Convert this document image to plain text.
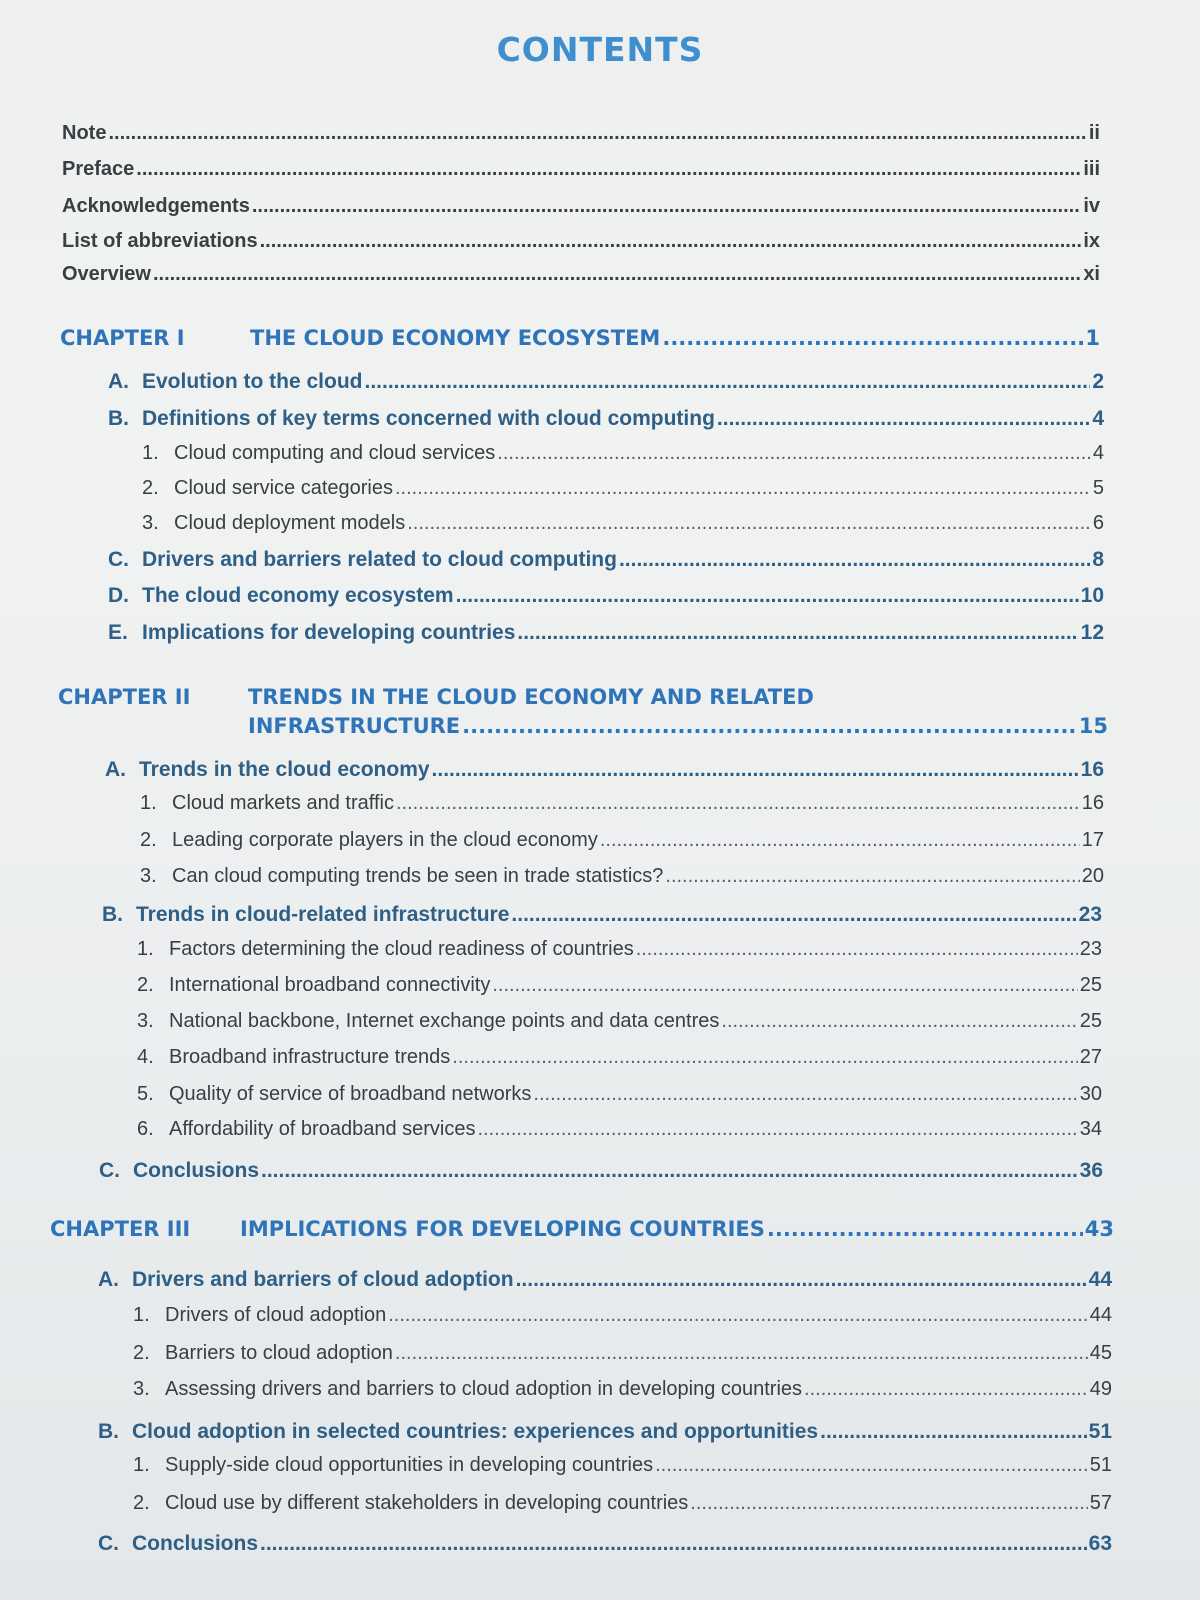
CONTENTS
Note .....	ii
Preface .....	iii
Acknowledgements .....	iv
List of abbreviations .....	ix
Overview .....	xi
CHAPTER I	THE CLOUD ECONOMY ECOSYSTEM .....	1
A. Evolution to the cloud .....	2
B. Definitions of key terms concerned with cloud computing .....	4
1. Cloud computing and cloud services .....	4
2. Cloud service categories .....	5
3. Cloud deployment models .....	6
C. Drivers and barriers related to cloud computing .....	8
D. The cloud economy ecosystem .....	10
E. Implications for developing countries .....	12
CHAPTER II	TRENDS IN THE CLOUD ECONOMY AND RELATED
INFRASTRUCTURE .....	15
A. Trends in the cloud economy .....	16
1. Cloud markets and traffic .....	16
2. Leading corporate players in the cloud economy .....	17
3. Can cloud computing trends be seen in trade statistics? .....	20
B. Trends in cloud-related infrastructure .....	23
1. Factors determining the cloud readiness of countries .....	23
2. International broadband connectivity .....	25
3. National backbone, Internet exchange points and data centres .....	25
4. Broadband infrastructure trends .....	27
5. Quality of service of broadband networks .....	30
6. Affordability of broadband services .....	34
C. Conclusions .....	36
CHAPTER III	IMPLICATIONS FOR DEVELOPING COUNTRIES .....	43
A. Drivers and barriers of cloud adoption .....	44
1. Drivers of cloud adoption .....	44
2. Barriers to cloud adoption .....	45
3. Assessing drivers and barriers to cloud adoption in developing countries .....	49
B. Cloud adoption in selected countries: experiences and opportunities .....	51
1. Supply-side cloud opportunities in developing countries .....	51
2. Cloud use by different stakeholders in developing countries .....	57
C. Conclusions .....	63
